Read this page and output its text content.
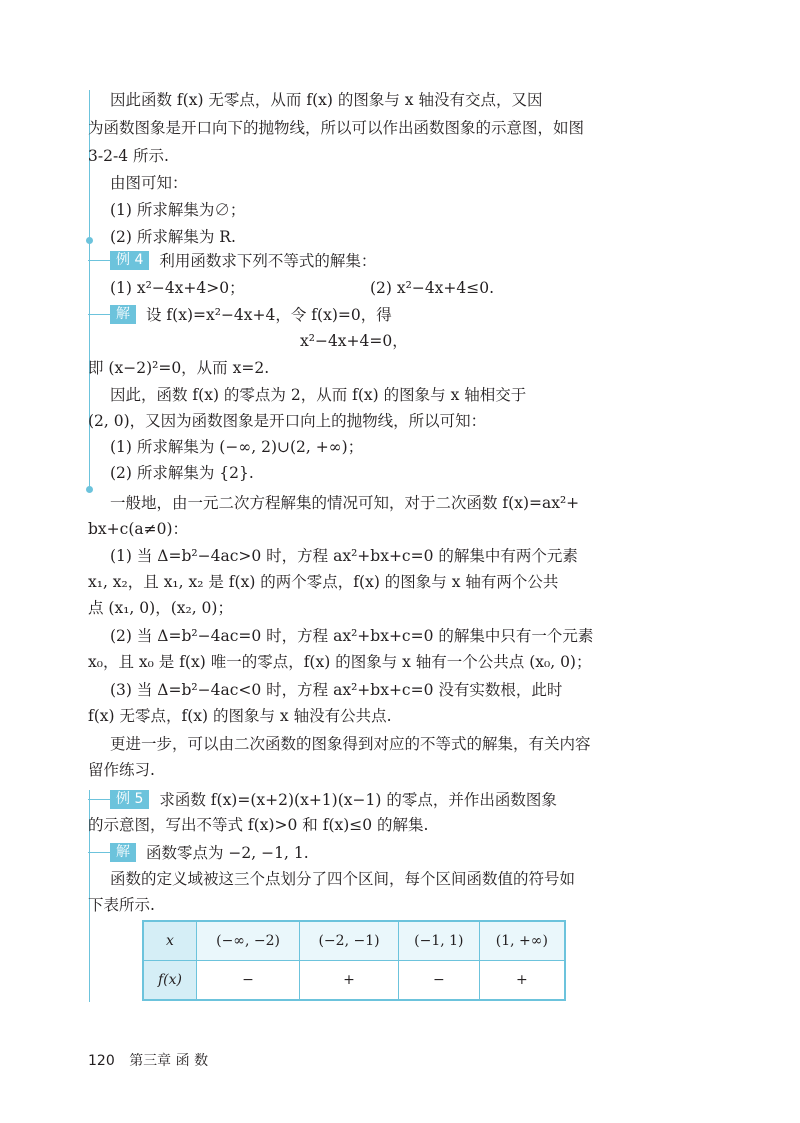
因此函数 f(x) 无零点，从而 f(x) 的图象与 x 轴没有交点，又因
为函数图象是开口向下的抛物线，所以可以作出函数图象的示意图，如图
3-2-4 所示.
由图可知：
(1) 所求解集为∅；
(2) 所求解集为 R.
例 4	利用函数求下列不等式的解集：
(1) x²−4x+4>0；	(2) x²−4x+4≤0.
解	设 f(x)=x²−4x+4，令 f(x)=0，得
x²−4x+4=0，
即 (x−2)²=0，从而 x=2.
因此，函数 f(x) 的零点为 2，从而 f(x) 的图象与 x 轴相交于
(2, 0)，又因为函数图象是开口向上的抛物线，所以可知：
(1) 所求解集为 (−∞, 2)∪(2, +∞)；
(2) 所求解集为 {2}.
一般地，由一元二次方程解集的情况可知，对于二次函数 f(x)=ax²+
bx+c(a≠0)：
(1) 当 Δ=b²−4ac>0 时，方程 ax²+bx+c=0 的解集中有两个元素
x₁, x₂，且 x₁, x₂ 是 f(x) 的两个零点，f(x) 的图象与 x 轴有两个公共
点 (x₁, 0)，(x₂, 0)；
(2) 当 Δ=b²−4ac=0 时，方程 ax²+bx+c=0 的解集中只有一个元素
x₀，且 x₀ 是 f(x) 唯一的零点，f(x) 的图象与 x 轴有一个公共点 (x₀, 0)；
(3) 当 Δ=b²−4ac<0 时，方程 ax²+bx+c=0 没有实数根，此时
f(x) 无零点，f(x) 的图象与 x 轴没有公共点.
更进一步，可以由二次函数的图象得到对应的不等式的解集，有关内容
留作练习.
例 5	求函数 f(x)=(x+2)(x+1)(x−1) 的零点，并作出函数图象
的示意图，写出不等式 f(x)>0 和 f(x)≤0 的解集.
解	函数零点为 −2, −1, 1.
函数的定义域被这三个点划分了四个区间，每个区间函数值的符号如
下表所示.
x	(−∞, −2)	(−2, −1)	(−1, 1)	(1, +∞)
f(x)	−	+	−	+
120 第三章 函 数
